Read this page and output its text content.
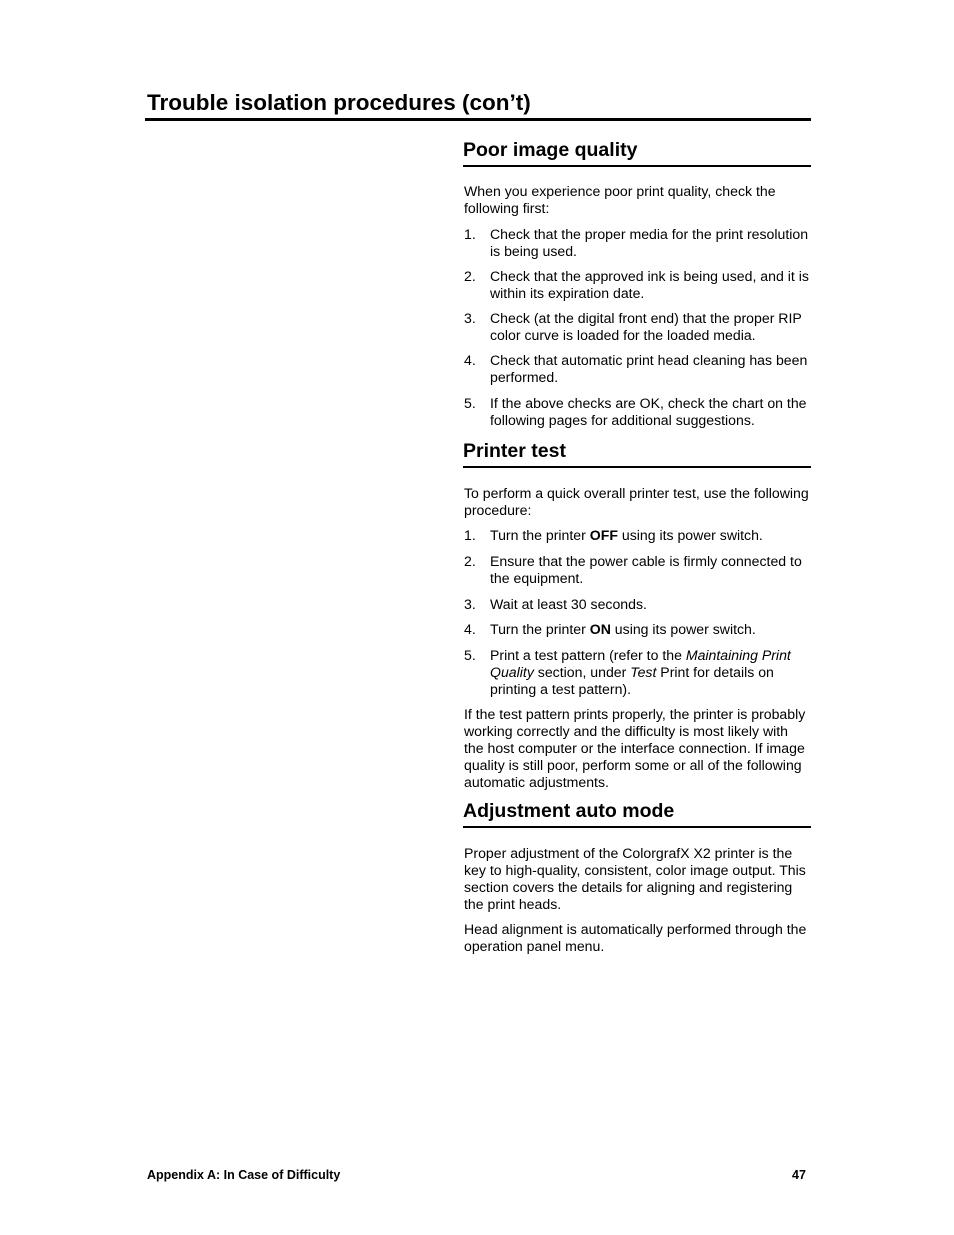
Trouble isolation procedures (con’t)
Poor image quality

When you experience poor print quality, check the following first:

1.	Check that the proper media for the print resolution is being used.
2.	Check that the approved ink is being used, and it is within its expiration date.
3.	Check (at the digital front end) that the proper RIP color curve is loaded for the loaded media.
4.	Check that automatic print head cleaning has been performed.
5.	If the above checks are OK, check the chart on the following pages for additional suggestions.
Printer test

To perform a quick overall printer test, use the following procedure:

1.	Turn the printer OFF using its power switch.
2.	Ensure that the power cable is firmly connected to the equipment.
3.	Wait at least 30 seconds.
4.	Turn the printer ON using its power switch.
5.	Print a test pattern (refer to the Maintaining Print Quality section, under Test Print for details on printing a test pattern).

If the test pattern prints properly, the printer is probably working correctly and the difficulty is most likely with the host computer or the interface connection. If image quality is still poor, perform some or all of the following automatic adjustments.

Adjustment auto mode

Proper adjustment of the ColorgrafX X2 printer is the key to high-quality, consistent, color image output. This section covers the details for aligning and registering the print heads.

Head alignment is automatically performed through the operation panel menu.

Appendix A: In Case of Difficulty	47
